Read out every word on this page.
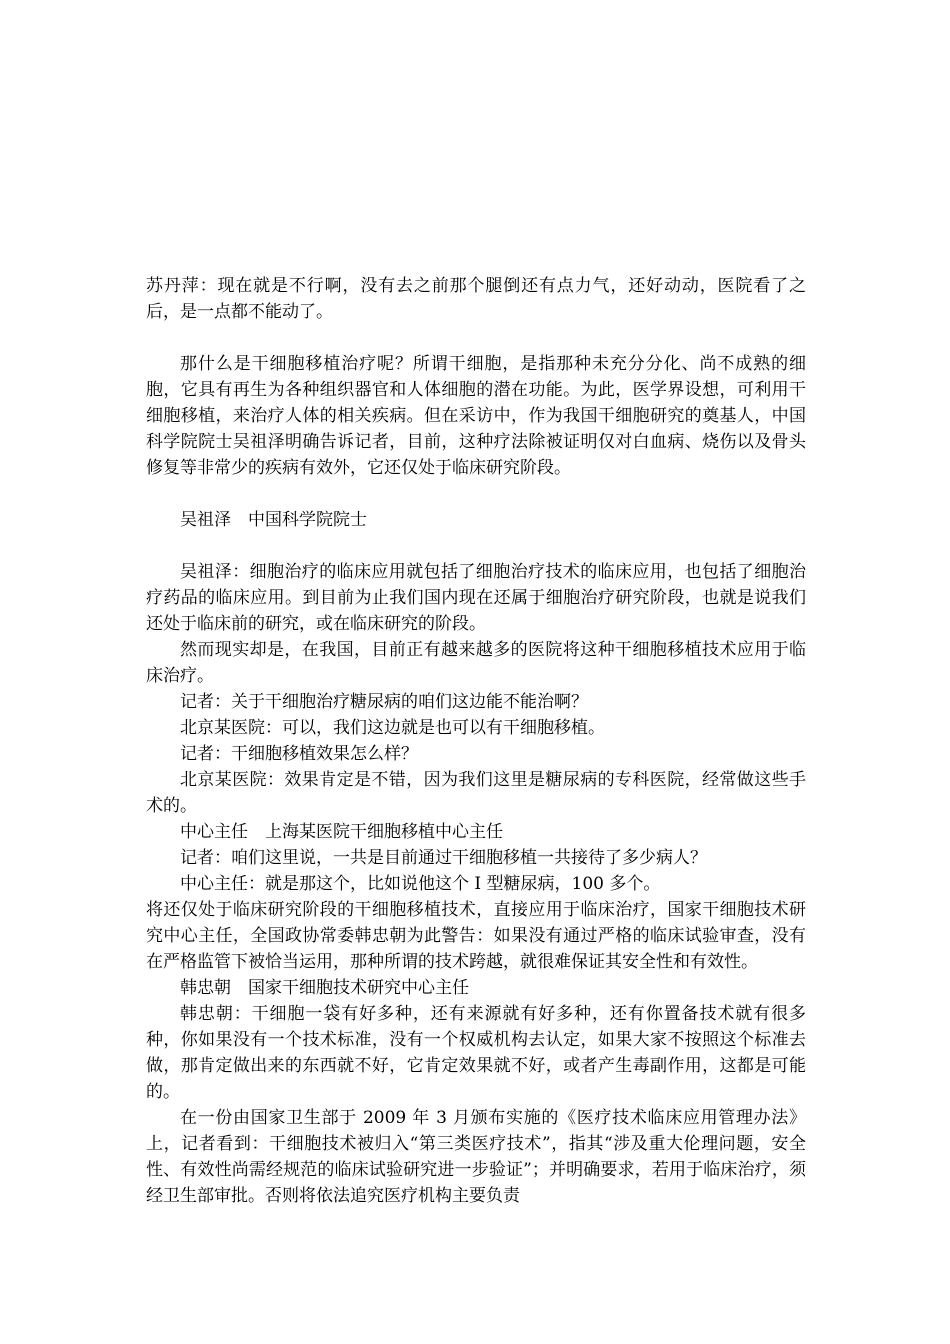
苏丹萍：现在就是不行啊，没有去之前那个腿倒还有点力气，还好动动，医院看了之后，是一点都不能动了。

那什么是干细胞移植治疗呢？所谓干细胞，是指那种未充分分化、尚不成熟的细胞，它具有再生为各种组织器官和人体细胞的潜在功能。为此，医学界设想，可利用干细胞移植，来治疗人体的相关疾病。但在采访中，作为我国干细胞研究的奠基人，中国科学院院士吴祖泽明确告诉记者，目前，这种疗法除被证明仅对白血病、烧伤以及骨头修复等非常少的疾病有效外，它还仅处于临床研究阶段。

吴祖泽　中国科学院院士

吴祖泽：细胞治疗的临床应用就包括了细胞治疗技术的临床应用，也包括了细胞治疗药品的临床应用。到目前为止我们国内现在还属于细胞治疗研究阶段，也就是说我们还处于临床前的研究，或在临床研究的阶段。

然而现实却是，在我国，目前正有越来越多的医院将这种干细胞移植技术应用于临床治疗。

记者：关于干细胞治疗糖尿病的咱们这边能不能治啊？

北京某医院：可以，我们这边就是也可以有干细胞移植。

记者：干细胞移植效果怎么样？

北京某医院：效果肯定是不错，因为我们这里是糖尿病的专科医院，经常做这些手术的。

中心主任　上海某医院干细胞移植中心主任

记者：咱们这里说，一共是目前通过干细胞移植一共接待了多少病人？

中心主任：就是那这个，比如说他这个 I 型糖尿病，100 多个。

将还仅处于临床研究阶段的干细胞移植技术，直接应用于临床治疗，国家干细胞技术研究中心主任，全国政协常委韩忠朝为此警告：如果没有通过严格的临床试验审查，没有在严格监管下被恰当运用，那种所谓的技术跨越，就很难保证其安全性和有效性。

韩忠朝　国家干细胞技术研究中心主任

韩忠朝：干细胞一袋有好多种，还有来源就有好多种，还有你置备技术就有很多种，你如果没有一个技术标准，没有一个权威机构去认定，如果大家不按照这个标准去做，那肯定做出来的东西就不好，它肯定效果就不好，或者产生毒副作用，这都是可能的。

在一份由国家卫生部于 2009 年 3 月颁布实施的《医疗技术临床应用管理办法》上，记者看到：干细胞技术被归入“第三类医疗技术”，指其“涉及重大伦理问题，安全性、有效性尚需经规范的临床试验研究进一步验证”；并明确要求，若用于临床治疗，须经卫生部审批。否则将依法追究医疗机构主要负责
